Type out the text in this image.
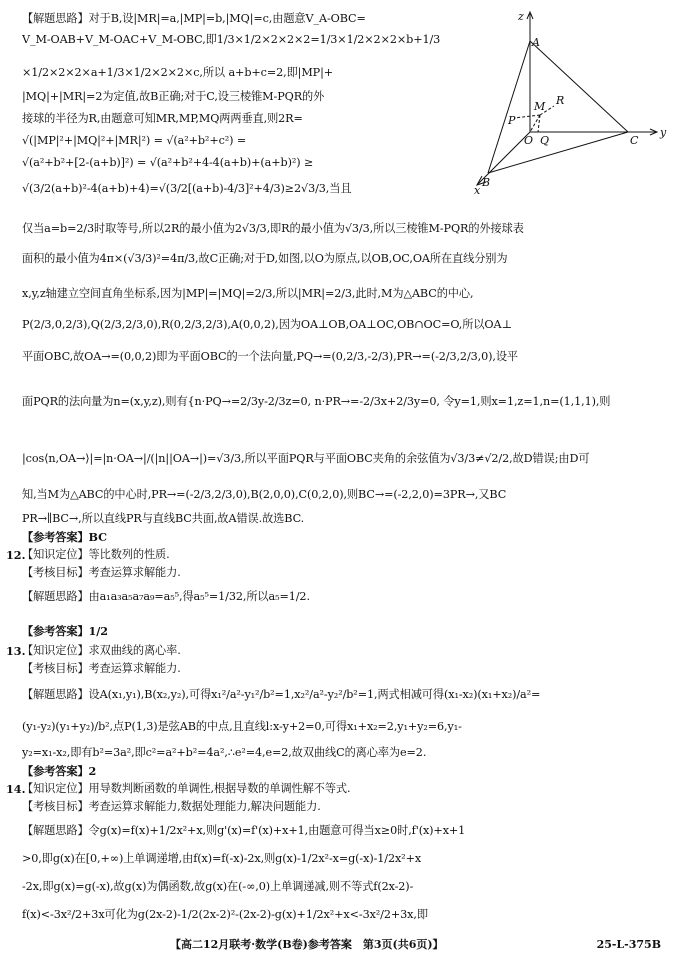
z
y
x
A
B
C
O
M
P
Q
R
【解题思路】对于B,设|MR|=a,|MP|=b,|MQ|=c,由题意V_A-OBC=
V_M-OAB+V_M-OAC+V_M-OBC,即1/3×1/2×2×2×2=1/3×1/2×2×2×b+1/3
×1/2×2×2×a+1/3×1/2×2×2×c,所以 a+b+c=2,即|MP|+
|MQ|+|MR|=2为定值,故B正确;对于C,设三棱锥M-PQR的外
接球的半径为R,由题意可知MR,MP,MQ两两垂直,则2R=
√(|MP|²+|MQ|²+|MR|²) = √(a²+b²+c²) =
√(a²+b²+[2-(a+b)]²) = √(a²+b²+4-4(a+b)+(a+b)²) ≥
√(3/2(a+b)²-4(a+b)+4)=√(3/2[(a+b)-4/3]²+4/3)≥2√3/3,当且
仅当a=b=2/3时取等号,所以2R的最小值为2√3/3,即R的最小值为√3/3,所以三棱锥M-PQR的外接球表
面积的最小值为4π×(√3/3)²=4π/3,故C正确;对于D,如图,以O为原点,以OB,OC,OA所在直线分别为
x,y,z轴建立空间直角坐标系,因为|MP|=|MQ|=2/3,所以|MR|=2/3,此时,M为△ABC的中心,
P(2/3,0,2/3),Q(2/3,2/3,0),R(0,2/3,2/3),A(0,0,2),因为OA⊥OB,OA⊥OC,OB∩OC=O,所以OA⊥
平面OBC,故OA→=(0,0,2)即为平面OBC的一个法向量,PQ→=(0,2/3,-2/3),PR→=(-2/3,2/3,0),设平
面PQR的法向量为n=(x,y,z),则有{n·PQ→=2/3y-2/3z=0, n·PR→=-2/3x+2/3y=0, 令y=1,则x=1,z=1,n=(1,1,1),则
|cos⟨n,OA→⟩|=|n·OA→|/(|n||OA→|)=√3/3,所以平面PQR与平面OBC夹角的余弦值为√3/3≠√2/2,故D错误;由D可
知,当M为△ABC的中心时,PR→=(-2/3,2/3,0),B(2,0,0),C(0,2,0),则BC→=(-2,2,0)=3PR→,又BC
PR→∥BC→,所以直线PR与直线BC共面,故A错误.故选BC.
【参考答案】BC
12.
【知识定位】等比数列的性质.
【考核目标】考查运算求解能力.
【解题思路】由a₁a₃a₅a₇a₉=a₅⁵,得a₅⁵=1/32,所以a₅=1/2.
【参考答案】1/2
13.
【知识定位】求双曲线的离心率.
【考核目标】考查运算求解能力.
【解题思路】设A(x₁,y₁),B(x₂,y₂),可得x₁²/a²-y₁²/b²=1,x₂²/a²-y₂²/b²=1,两式相减可得(x₁-x₂)(x₁+x₂)/a²=
(y₁-y₂)(y₁+y₂)/b²,点P(1,3)是弦AB的中点,且直线l:x-y+2=0,可得x₁+x₂=2,y₁+y₂=6,y₁-
y₂=x₁-x₂,即有b²=3a²,即c²=a²+b²=4a²,∴e²=4,e=2,故双曲线C的离心率为e=2.
【参考答案】2
14.
【知识定位】用导数判断函数的单调性,根据导数的单调性解不等式.
【考核目标】考查运算求解能力,数据处理能力,解决问题能力.
【解题思路】令g(x)=f(x)+1/2x²+x,则g'(x)=f'(x)+x+1,由题意可得当x≥0时,f'(x)+x+1
>0,即g(x)在[0,+∞)上单调递增,由f(x)=f(-x)-2x,则g(x)-1/2x²-x=g(-x)-1/2x²+x
-2x,即g(x)=g(-x),故g(x)为偶函数,故g(x)在(-∞,0)上单调递减,则不等式f(2x-2)-
f(x)<-3x²/2+3x可化为g(2x-2)-1/2(2x-2)²-(2x-2)-g(x)+1/2x²+x<-3x²/2+3x,即
【高二12月联考·数学(B卷)参考答案　第3页(共6页)】	25-L-375B
